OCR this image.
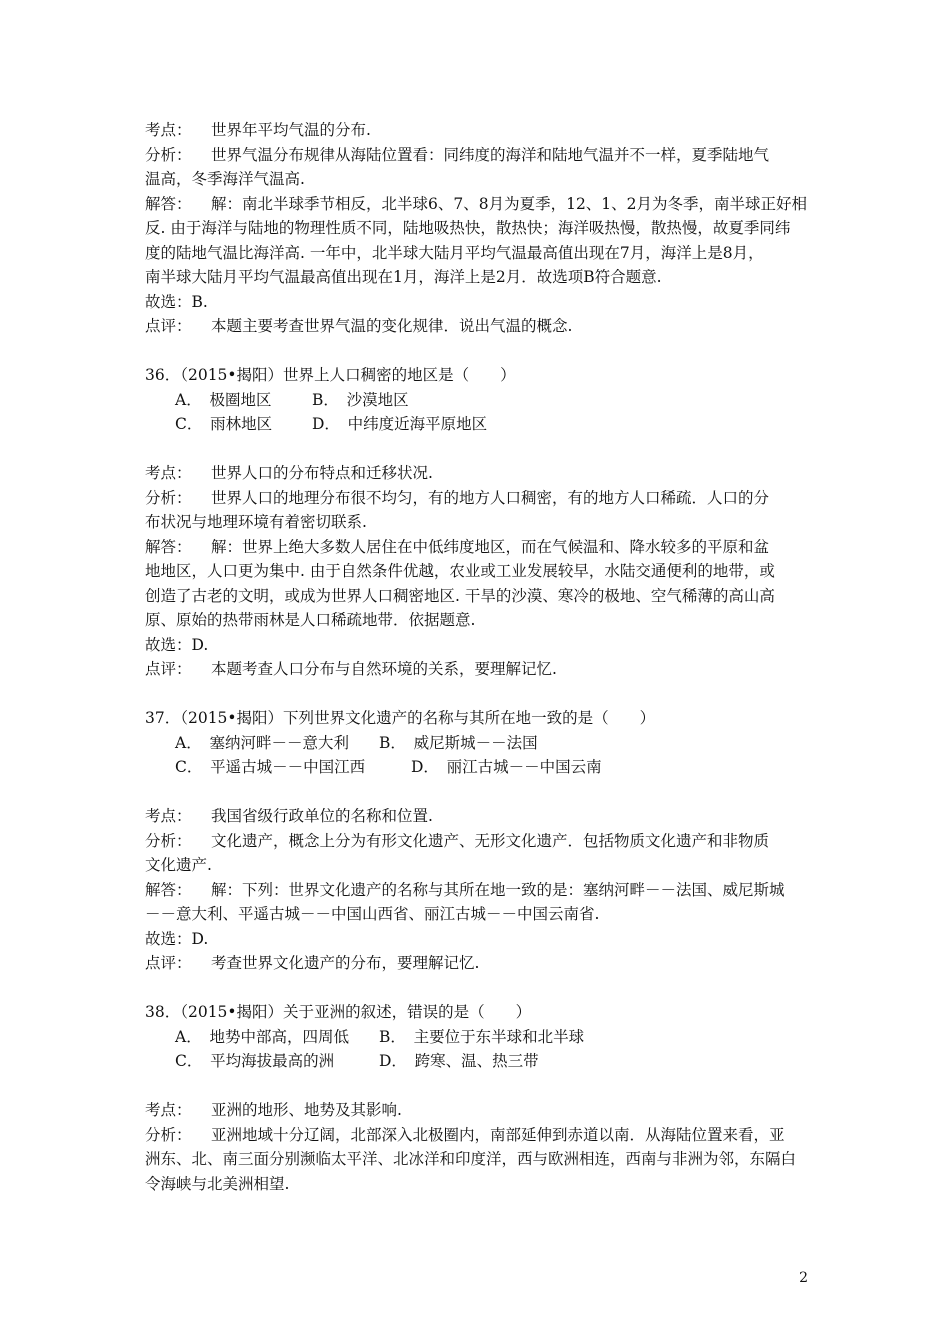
考点： 世界年平均气温的分布.
分析： 世界气温分布规律从海陆位置看：同纬度的海洋和陆地气温并不一样，夏季陆地气
温高，冬季海洋气温高.
解答： 解：南北半球季节相反，北半球6、7、8月为夏季，12、1、2月为冬季，南半球正好相
反. 由于海洋与陆地的物理性质不同，陆地吸热快，散热快；海洋吸热慢，散热慢，故夏季同纬
度的陆地气温比海洋高. 一年中，北半球大陆月平均气温最高值出现在7月，海洋上是8月，
南半球大陆月平均气温最高值出现在1月，海洋上是2月．故选项B符合题意.
故选：B.
点评： 本题主要考查世界气温的变化规律．说出气温的概念.
36．（2015•揭阳）世界上人口稠密的地区是（　　）
A．　极圈地区	B．　沙漠地区
C．　雨林地区	D．　中纬度近海平原地区
考点： 世界人口的分布特点和迁移状况.
分析： 世界人口的地理分布很不均匀，有的地方人口稠密，有的地方人口稀疏．人口的分
布状况与地理环境有着密切联系.
解答： 解：世界上绝大多数人居住在中低纬度地区，而在气候温和、降水较多的平原和盆
地地区，人口更为集中. 由于自然条件优越，农业或工业发展较早，水陆交通便利的地带，或
创造了古老的文明，或成为世界人口稠密地区. 干旱的沙漠、寒冷的极地、空气稀薄的高山高
原、原始的热带雨林是人口稀疏地带．依据题意.
故选：D.
点评： 本题考查人口分布与自然环境的关系，要理解记忆.
37．（2015•揭阳）下列世界文化遗产的名称与其所在地一致的是（　　）
A．　塞纳河畔－－意大利 B．　威尼斯城－－法国
C．　平遥古城－－中国江西	D．　丽江古城－－中国云南
考点： 我国省级行政单位的名称和位置.
分析： 文化遗产，概念上分为有形文化遗产、无形文化遗产．包括物质文化遗产和非物质
文化遗产.
解答： 解：下列：世界文化遗产的名称与其所在地一致的是：塞纳河畔－－法国、威尼斯城
－－意大利、平遥古城－－中国山西省、丽江古城－－中国云南省.
故选：D.
点评： 考查世界文化遗产的分布，要理解记忆.
38．（2015•揭阳）关于亚洲的叙述，错误的是（　　）
A．　地势中部高，四周低 B．　主要位于东半球和北半球
C．　平均海拔最高的洲	D．　跨寒、温、热三带
考点： 亚洲的地形、地势及其影响.
分析： 亚洲地域十分辽阔，北部深入北极圈内，南部延伸到赤道以南．从海陆位置来看，亚
洲东、北、南三面分别濒临太平洋、北冰洋和印度洋，西与欧洲相连，西南与非洲为邻，东隔白
令海峡与北美洲相望.
2
